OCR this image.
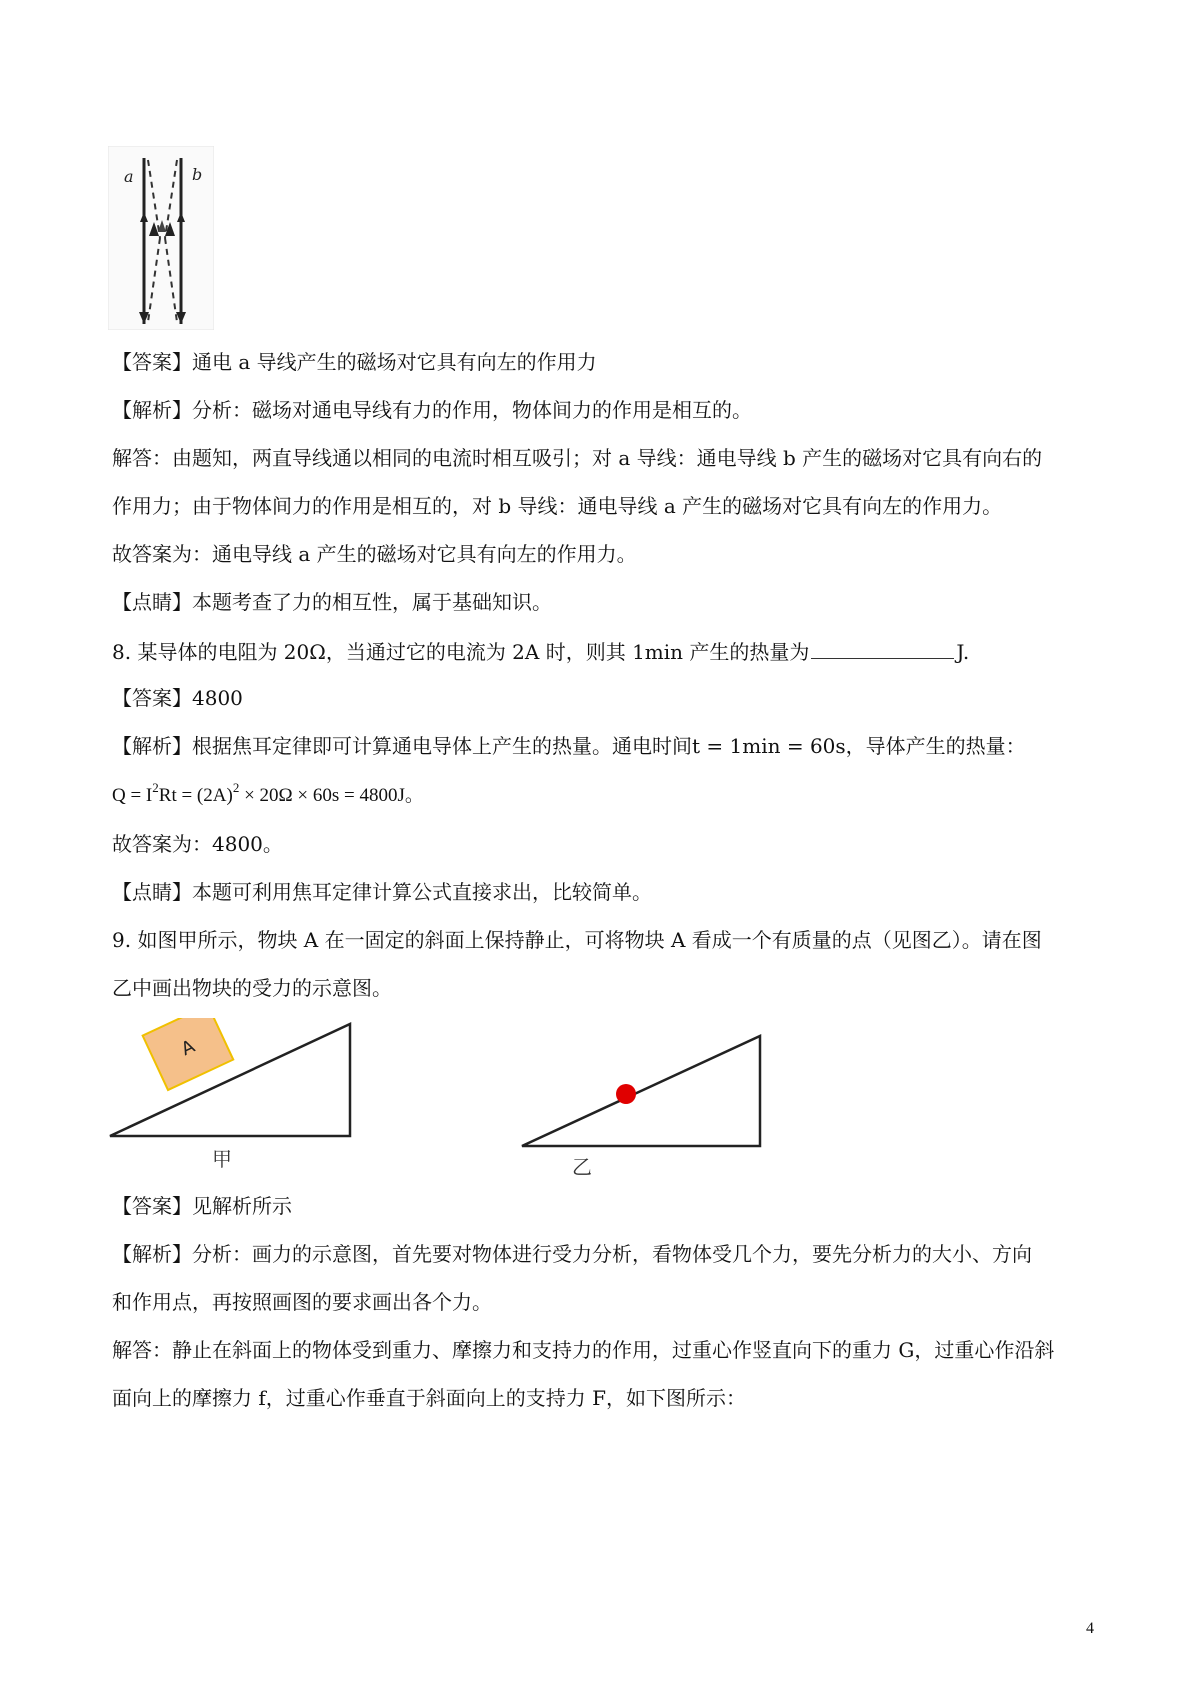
a	b
【答案】通电 a 导线产生的磁场对它具有向左的作用力
【解析】分析：磁场对通电导线有力的作用，物体间力的作用是相互的。
解答：由题知，两直导线通以相同的电流时相互吸引；对 a 导线：通电导线 b 产生的磁场对它具有向右的
作用力；由于物体间力的作用是相互的，对 b 导线：通电导线 a 产生的磁场对它具有向左的作用力。
故答案为：通电导线 a 产生的磁场对它具有向左的作用力。
【点睛】本题考查了力的相互性，属于基础知识。
8. 某导体的电阻为 20Ω，当通过它的电流为 2A 时，则其 1min 产生的热量为	J.
【答案】4800
【解析】根据焦耳定律即可计算通电导体上产生的热量。通电时间t = 1min = 60s，导体产生的热量：
$Q = I^2Rt = (2A)^2 \times 20\Omega \times 60s = 4800J$。
故答案为：4800。
【点睛】本题可利用焦耳定律计算公式直接求出，比较简单。
9. 如图甲所示，物块 A 在一固定的斜面上保持静止，可将物块 A 看成一个有质量的点（见图乙）。请在图
乙中画出物块的受力的示意图。
A
甲	乙
【答案】见解析所示
【解析】分析：画力的示意图，首先要对物体进行受力分析，看物体受几个力，要先分析力的大小、方向
和作用点，再按照画图的要求画出各个力。
解答：静止在斜面上的物体受到重力、摩擦力和支持力的作用，过重心作竖直向下的重力 G，过重心作沿斜
面向上的摩擦力 f，过重心作垂直于斜面向上的支持力 F，如下图所示：
4
